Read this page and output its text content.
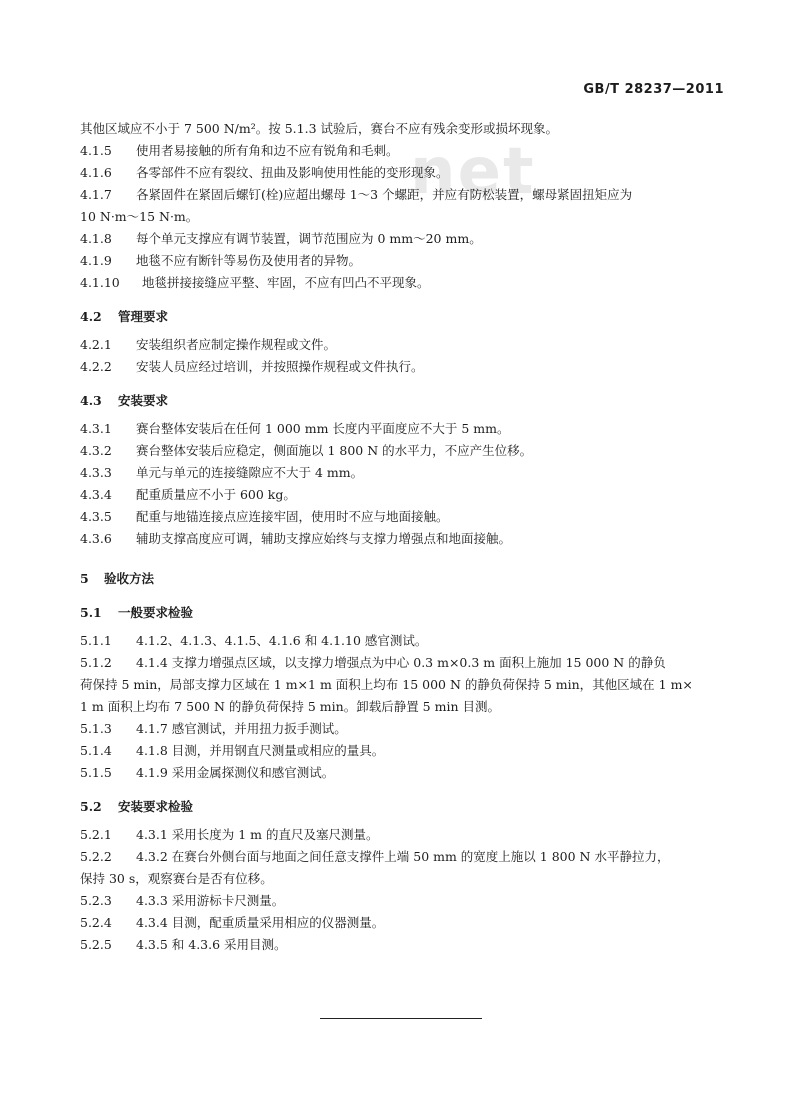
net
GB/T 28237—2011
其他区域应不小于 7 500 N/m²。按 5.1.3 试验后，赛台不应有残余变形或损坏现象。
4.1.5	使用者易接触的所有角和边不应有锐角和毛刺。
4.1.6	各零部件不应有裂纹、扭曲及影响使用性能的变形现象。
4.1.7	各紧固件在紧固后螺钉(栓)应超出螺母 1～3 个螺距，并应有防松装置，螺母紧固扭矩应为
10 N·m～15 N·m。
4.1.8	每个单元支撑应有调节装置，调节范围应为 0 mm～20 mm。
4.1.9	地毯不应有断针等易伤及使用者的异物。
4.1.10	地毯拼接接缝应平整、牢固，不应有凹凸不平现象。
4.2	管理要求
4.2.1	安装组织者应制定操作规程或文件。
4.2.2	安装人员应经过培训，并按照操作规程或文件执行。
4.3	安装要求
4.3.1	赛台整体安装后在任何 1 000 mm 长度内平面度应不大于 5 mm。
4.3.2	赛台整体安装后应稳定，侧面施以 1 800 N 的水平力，不应产生位移。
4.3.3	单元与单元的连接缝隙应不大于 4 mm。
4.3.4	配重质量应不小于 600 kg。
4.3.5	配重与地锚连接点应连接牢固，使用时不应与地面接触。
4.3.6	辅助支撑高度应可调，辅助支撑应始终与支撑力增强点和地面接触。
5	验收方法
5.1	一般要求检验
5.1.1	4.1.2、4.1.3、4.1.5、4.1.6 和 4.1.10 感官测试。
5.1.2	4.1.4 支撑力增强点区域，以支撑力增强点为中心 0.3 m×0.3 m 面积上施加 15 000 N 的静负
荷保持 5 min，局部支撑力区域在 1 m×1 m 面积上均布 15 000 N 的静负荷保持 5 min，其他区域在 1 m×
1 m 面积上均布 7 500 N 的静负荷保持 5 min。卸载后静置 5 min 目测。
5.1.3	4.1.7 感官测试，并用扭力扳手测试。
5.1.4	4.1.8 目测，并用钢直尺测量或相应的量具。
5.1.5	4.1.9 采用金属探测仪和感官测试。
5.2	安装要求检验
5.2.1	4.3.1 采用长度为 1 m 的直尺及塞尺测量。
5.2.2	4.3.2 在赛台外侧台面与地面之间任意支撑件上端 50 mm 的宽度上施以 1 800 N 水平静拉力，
保持 30 s，观察赛台是否有位移。
5.2.3	4.3.3 采用游标卡尺测量。
5.2.4	4.3.4 目测，配重质量采用相应的仪器测量。
5.2.5	4.3.5 和 4.3.6 采用目测。
